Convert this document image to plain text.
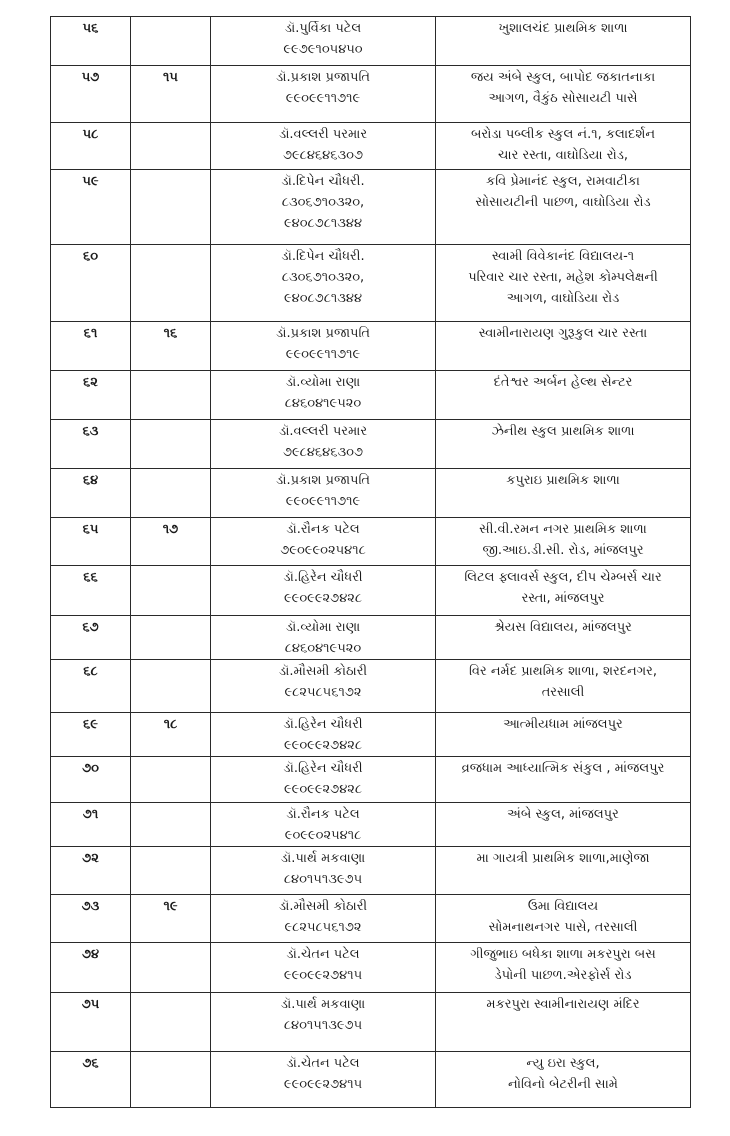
૫૬		ડૉ.પુર્વિકા પટેલ
૯૯૭૯૧૦૫૪૫૦	ખુશાલચંદ પ્રાથમિક શાળા

૫૭	૧૫	ડૉ.પ્રકાશ પ્રજાપતિ
૯૯૦૯૯૧૧૭૧૯	જય અંબે સ્કુલ, બાપોદ જકાતનાકા
આગળ, વૈકુંઠ સોસાયટી પાસે

૫૮		ડૉ.વલ્લરી પરમાર
૭૯૮૪૬૪૬૩૦૭	બરોડા પબ્લીક સ્કુલ નં.૧, કલાદર્શન
ચાર રસ્તા, વાઘોડિયા રોડ,

૫૯		ડૉ.દિપેન ચૌધરી.
૮૩૦૬૭૧૦૩૨૦,
૯૪૦૮૭૮૧૩૪૪	કવિ પ્રેમાનંદ સ્કુલ, રામવાટીકા
સોસાયટીની પાછળ, વાઘોડિયા રોડ

૬૦		ડૉ.દિપેન ચૌધરી.
૮૩૦૬૭૧૦૩૨૦,
૯૪૦૮૭૮૧૩૪૪	સ્વામી વિવેકાનંદ વિદ્યાલય-૧
પરિવાર ચાર રસ્તા, મહેશ કોમ્પલેક્ષની
આગળ, વાઘોડિયા રોડ

૬૧	૧૬	ડૉ.પ્રકાશ પ્રજાપતિ
૯૯૦૯૯૧૧૭૧૯	સ્વામીનારાયણ ગુરૂકુલ ચાર રસ્તા

૬૨		ડૉ.વ્યોમા રાણા
૮૪૬૦૪૧૯૫૨૦	દંતેશ્વર અર્બન હેલ્થ સેન્ટર

૬૩		ડૉ.વલ્લરી પરમાર
૭૯૮૪૬૪૬૩૦૭	ઝેનીથ સ્કુલ પ્રાથમિક શાળા

૬૪		ડૉ.પ્રકાશ પ્રજાપતિ
૯૯૦૯૯૧૧૭૧૯	કપુરાઇ પ્રાથમિક શાળા

૬૫	૧૭	ડૉ.રૌનક પટેલ
૭૯૦૯૯૦૨૫૪૧૮	સી.વી.રમન નગર પ્રાથમિક શાળા
જી.આઇ.ડી.સી. રોડ, માંજલપુર

૬૬		ડૉ.હિરેન ચૌધરી
૯૯૦૯૯૨૭૪૨૮	લિટલ ફ્લાવર્સ સ્કુલ, દીપ ચેમ્બર્સ ચાર
રસ્તા, માંજલપુર

૬૭		ડૉ.વ્યોમા રાણા
૮૪૬૦૪૧૯૫૨૦	શ્રેયસ વિદ્યાલય, માંજલપુર

૬૮		ડૉ.મૌસમી કોઠારી
૯૮૨૫૮૫૬૧૭૨	વિર નર્મદ પ્રાથમિક શાળા, શરદનગર,
તરસાલી

૬૯	૧૮	ડૉ.હિરેન ચૌધરી
૯૯૦૯૯૨૭૪૨૮	આત્મીયધામ માંજલપુર

૭૦		ડૉ.હિરેન ચૌધરી
૯૯૦૯૯૨૭૪૨૮	વ્રજધામ આધ્યાત્મિક સંકુલ , માંજલપુર

૭૧		ડૉ.રૌનક પટેલ
૯૦૯૯૦૨૫૪૧૮	અંબે સ્કુલ, માંજલપુર

૭૨		ડૉ.પાર્થ મકવાણા
૮૪૦૧૫૧૩૯૭૫	મા ગાયત્રી પ્રાથમિક શાળા,માણેજા

૭૩	૧૯	ડૉ.મૌસમી કોઠારી
૯૮૨૫૮૫૬૧૭૨	ઉમા વિદ્યાલય
સોમનાથનગર પાસે, તરસાલી

૭૪		ડૉ.ચેતન પટેલ
૯૯૦૯૯૨૭૪૧૫	ગીજુભાઇ બધેકા શાળા મકરપુરા બસ
ડેપોની પાછળ.એરફોર્સ રોડ

૭૫		ડૉ.પાર્થ મકવાણા
૮૪૦૧૫૧૩૯૭૫	મકરપુરા સ્વામીનારાયણ મંદિર

૭૬		ડૉ.ચેતન પટેલ
૯૯૦૯૯૨૭૪૧૫	ન્યુ ઇરા સ્કુલ,
નોવિનો બેટરીની સામે
